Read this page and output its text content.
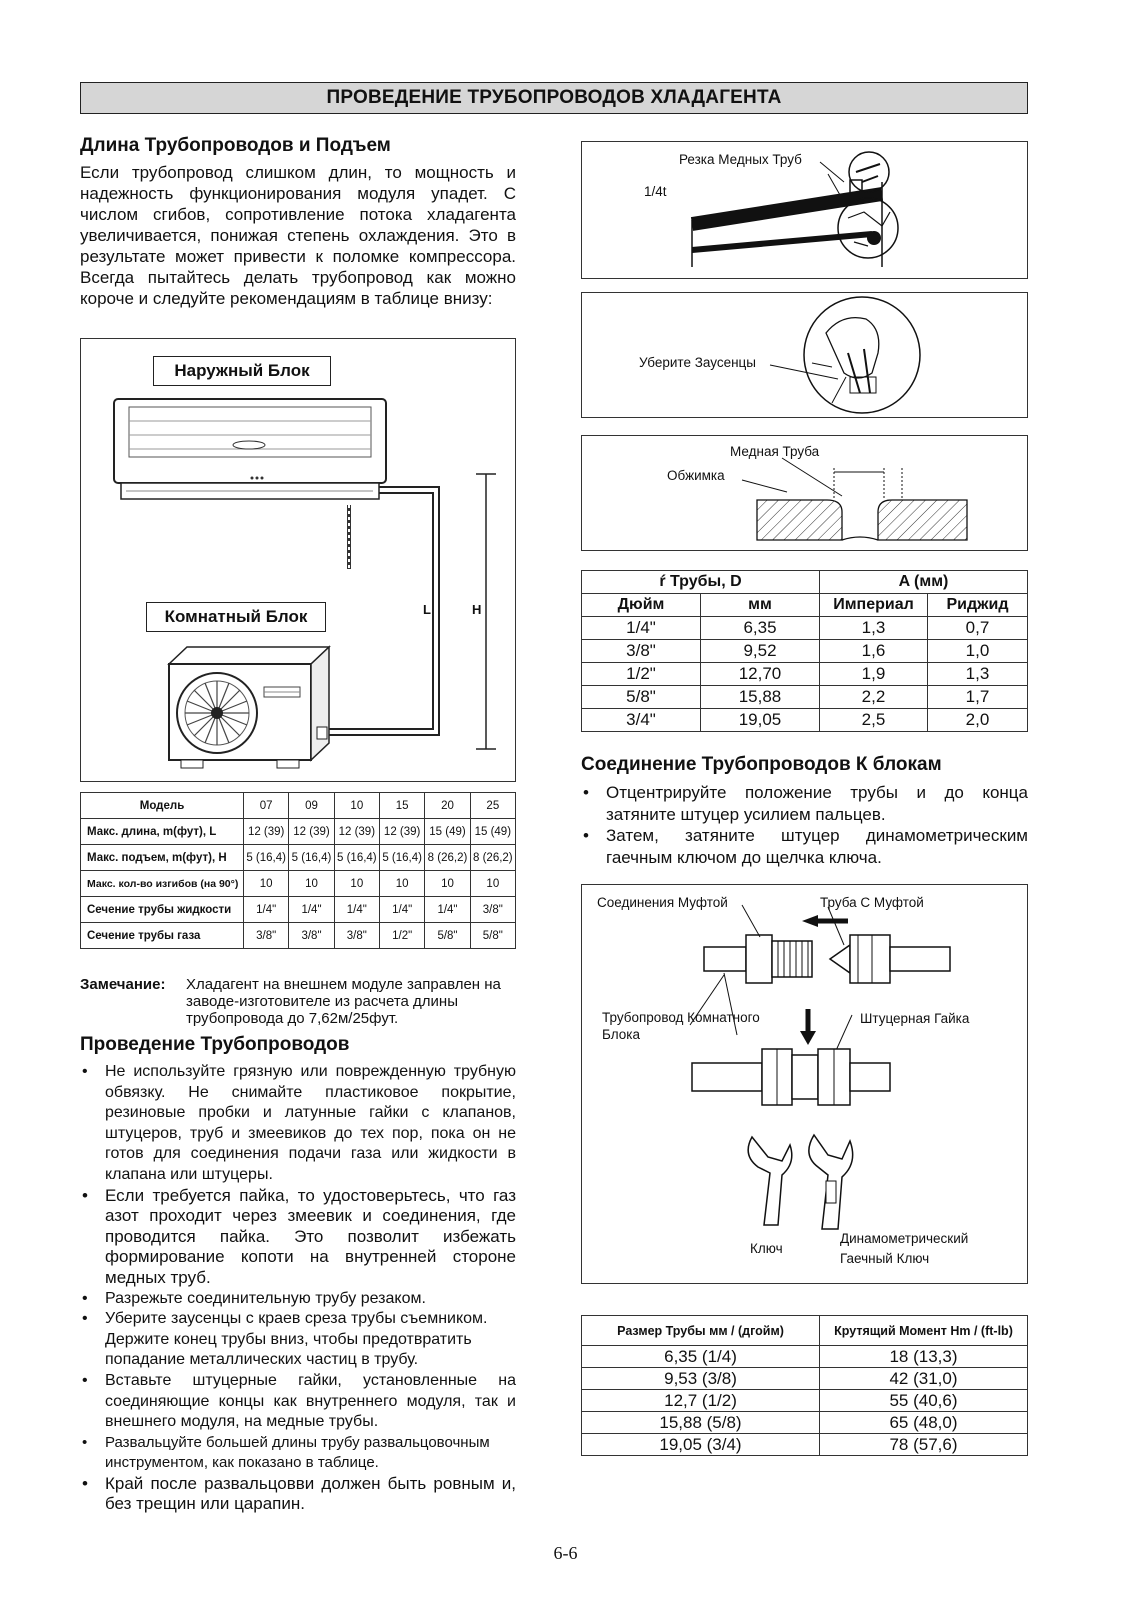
ПРОВЕДЕНИЕ ТРУБОПРОВОДОВ ХЛАДАГЕНТА
Длина Трубопроводов и Подъем

Если трубопровод слишком длин, то мощность и надежность функционирования модуля упадет. С числом сгибов, сопротивление потока хладагента увеличивается, понижая степень охлаждения. Это в результате может привести к поломке компрессора. Всегда пытайтесь делать трубопровод как можно короче и следуйте рекомендациям в таблице внизу:

Наружный Блок
Комнатный Блок	L	H
Модель	07	09	10	15	20	25
Макс. длина, m(фут), L	12 (39)	12 (39)	12 (39)	12 (39)	15 (49)	15 (49)
Макс. подъем, m(фут), H	5 (16,4)	5 (16,4)	5 (16,4)	5 (16,4)	8 (26,2)	8 (26,2)
Макс. кол-во изгибов (на 90°)	10	10	10	10	10	10
Сечение трубы жидкости	1/4"	1/4"	1/4"	1/4"	1/4"	3/8"
Сечение трубы газа	3/8"	3/8"	3/8"	1/2"	5/8"	5/8"
Замечание: Хладагент на внешнем модуле заправлен на заводе-изготовителе из расчета длины трубопровода до 7,62м/25фут.
Проведение Трубопроводов
• Не используйте грязную или поврежденную трубную обвязку. Не снимайте пластиковое покрытие, резиновые пробки и латунные гайки с клапанов, штуцеров, труб и змеевиков до тех пор, пока он не готов для соединения подачи газа или жидкости в клапана или штуцеры.
• Если требуется пайка, то удостоверьтесь, что газ азот проходит через змеевик и соединения, где проводится пайка. Это позволит избежать формирование копоти на внутренней стороне медных труб.
• Разрежьте соединительную трубу резаком.
• Уберите заусенцы с краев среза трубы съемником. Держите конец трубы вниз, чтобы предотвратить попадание металлических частиц в трубу.
• Вставьте штуцерные гайки, установленные на соединяющие концы как внутреннего модуля, так и внешнего модуля, на медные трубы.
• Развальцуйте большей длины трубу развальцовочным инструментом, как показано в таблице.
• Край после развальцовви должен быть ровным и, без трещин или царапин.
Резка Медных Труб
1/4t
Уберите Заусенцы
Медная Труба
Обжимка
ŕ Трубы, D		A (мм)	
Дюйм	мм	Империал	Риджид
1/4"	6,35	1,3	0,7
3/8"	9,52	1,6	1,0
1/2"	12,70	1,9	1,3
5/8"	15,88	2,2	1,7
3/4"	19,05	2,5	2,0
Соединение Трубопроводов К блокам
• Отцентрируйте положение трубы и до конца затяните штуцер усилием пальцев.
• Затем, затяните штуцер динамометрическим гаечным ключом до щелчка ключа.
Соединения Муфтой	Труба С Муфтой
Трубопровод Комнатного Блока
Штуцерная Гайка
Ключ
Динамометрический Гаечный Ключ
Размер Трубы мм / (дгойм)	Крутящий Момент Hm / (ft-lb)
6,35 (1/4)	18 (13,3)
9,53 (3/8)	42 (31,0)
12,7 (1/2)	55 (40,6)
15,88 (5/8)	65 (48,0)
19,05 (3/4)	78 (57,6)
6-6
